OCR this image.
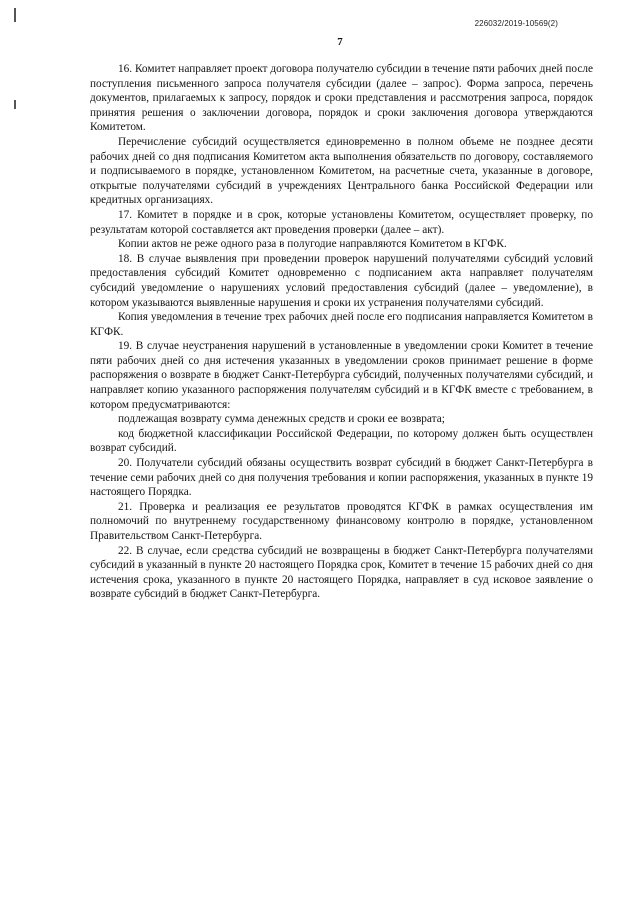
226032/2019-10569(2)
7

16. Комитет направляет проект договора получателю субсидии в течение пяти рабочих дней после поступления письменного запроса получателя субсидии (далее – запрос). Форма запроса, перечень документов, прилагаемых к запросу, порядок и сроки представления и рассмотрения запроса, порядок принятия решения о заключении договора, порядок и сроки заключения договора утверждаются Комитетом.

Перечисление субсидий осуществляется единовременно в полном объеме не позднее десяти рабочих дней со дня подписания Комитетом акта выполнения обязательств по договору, составляемого и подписываемого в порядке, установленном Комитетом, на расчетные счета, указанные в договоре, открытые получателями субсидий в учреждениях Центрального банка Российской Федерации или кредитных организациях.

17. Комитет в порядке и в срок, которые установлены Комитетом, осуществляет проверку, по результатам которой составляется акт проведения проверки (далее – акт).

Копии актов не реже одного раза в полугодие направляются Комитетом в КГФК.

18. В случае выявления при проведении проверок нарушений получателями субсидий условий предоставления субсидий Комитет одновременно с подписанием акта направляет получателям субсидий уведомление о нарушениях условий предоставления субсидий (далее – уведомление), в котором указываются выявленные нарушения и сроки их устранения получателями субсидий.

Копия уведомления в течение трех рабочих дней после его подписания направляется Комитетом в КГФК.

19. В случае неустранения нарушений в установленные в уведомлении сроки Комитет в течение пяти рабочих дней со дня истечения указанных в уведомлении сроков принимает решение в форме распоряжения о возврате в бюджет Санкт-Петербурга субсидий, полученных получателями субсидий, и направляет копию указанного распоряжения получателям субсидий и в КГФК вместе с требованием, в котором предусматриваются:

подлежащая возврату сумма денежных средств и сроки ее возврата;

код бюджетной классификации Российской Федерации, по которому должен быть осуществлен возврат субсидий.

20. Получатели субсидий обязаны осуществить возврат субсидий в бюджет Санкт-Петербурга в течение семи рабочих дней со дня получения требования и копии распоряжения, указанных в пункте 19 настоящего Порядка.

21. Проверка и реализация ее результатов проводятся КГФК в рамках осуществления им полномочий по внутреннему государственному финансовому контролю в порядке, установленном Правительством Санкт-Петербурга.

22. В случае, если средства субсидий не возвращены в бюджет Санкт-Петербурга получателями субсидий в указанный в пункте 20 настоящего Порядка срок, Комитет в течение 15 рабочих дней со дня истечения срока, указанного в пункте 20 настоящего Порядка, направляет в суд исковое заявление о возврате субсидий в бюджет Санкт-Петербурга.
